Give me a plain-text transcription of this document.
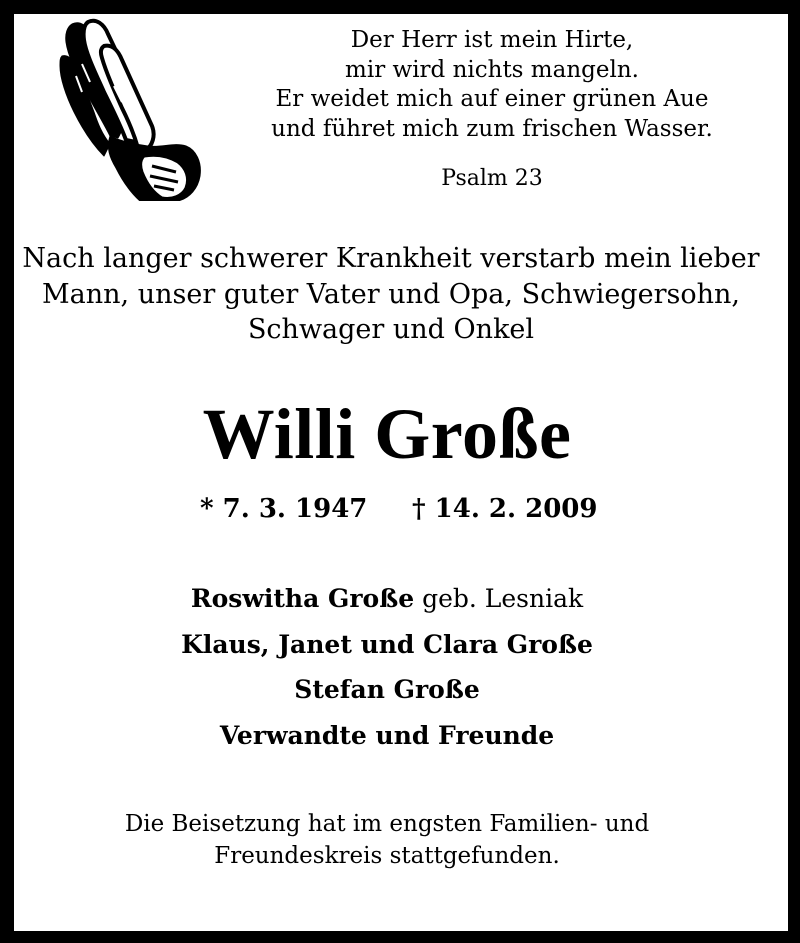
Der Herr ist mein Hirte,
mir wird nichts mangeln.
Er weidet mich auf einer grünen Aue
und führet mich zum frischen Wasser.
Psalm 23
Nach langer schwerer Krankheit verstarb mein lieber
Mann, unser guter Vater und Opa, Schwiegersohn,
Schwager und Onkel
Willi Große
* 7. 3. 1947 † 14. 2. 2009
Roswitha Große geb. Lesniak
Klaus, Janet und Clara Große
Stefan Große
Verwandte und Freunde
Die Beisetzung hat im engsten Familien- und
Freundeskreis stattgefunden.
